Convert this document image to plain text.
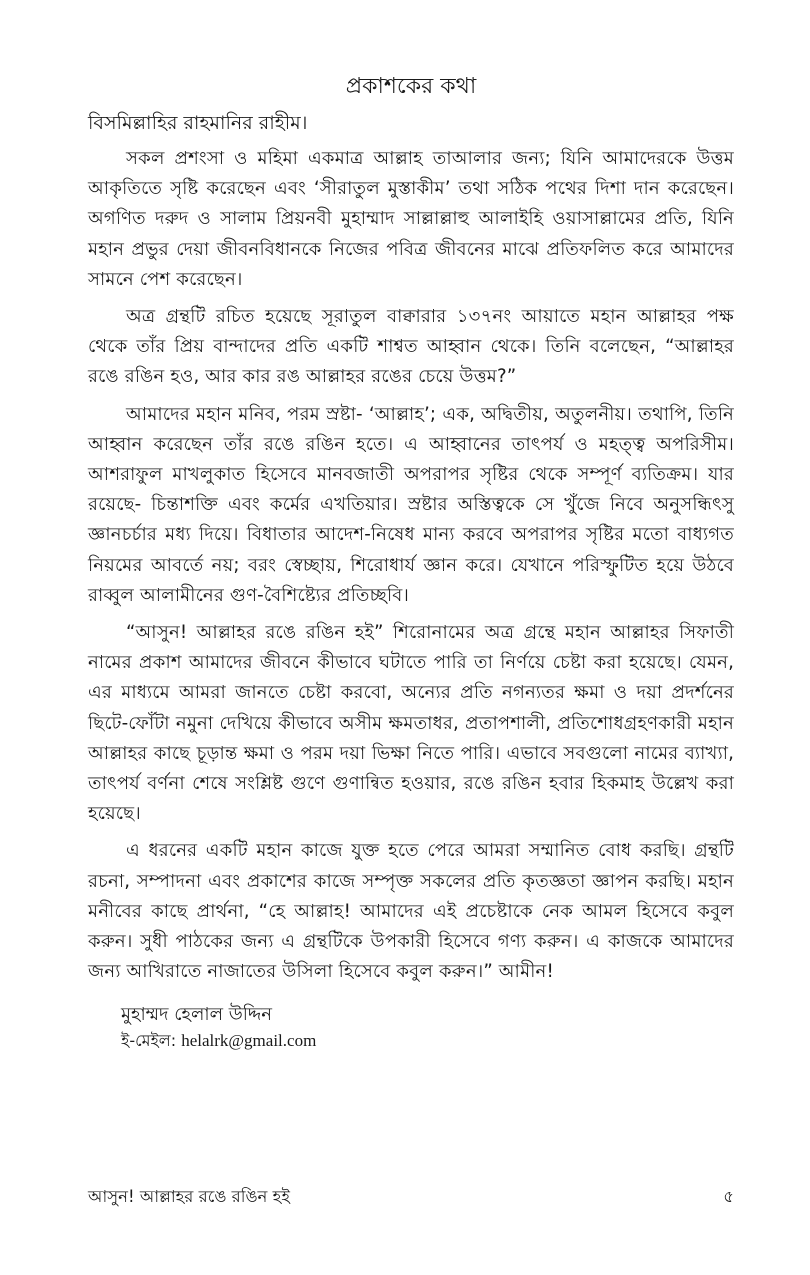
প্রকাশকের কথা

বিসমিল্লাহির রাহমানির রাহীম।

সকল প্রশংসা ও মহিমা একমাত্র আল্লাহ তাআলার জন্য; যিনি আমাদেরকে উত্তম আকৃতিতে সৃষ্টি করেছেন এবং ‘সীরাতুল মুস্তাকীম’ তথা সঠিক পথের দিশা দান করেছেন। অগণিত দরুদ ও সালাম প্রিয়নবী মুহাম্মাদ সাল্লাল্লাহু আলাইহি ওয়াসাল্লামের প্রতি, যিনি মহান প্রভুর দেয়া জীবনবিধানকে নিজের পবিত্র জীবনের মাঝে প্রতিফলিত করে আমাদের সামনে পেশ করেছেন।

অত্র গ্রন্থটি রচিত হয়েছে সূরাতুল বাক্বারার ১৩৭নং আয়াতে মহান আল্লাহর পক্ষ থেকে তাঁর প্রিয় বান্দাদের প্রতি একটি শাশ্বত আহ্বান থেকে। তিনি বলেছেন, “আল্লাহর রঙে রঙিন হও, আর কার রঙ আল্লাহর রঙের চেয়ে উত্তম?”

আমাদের মহান মনিব, পরম স্রষ্টা- ‘আল্লাহ’; এক, অদ্বিতীয়, অতুলনীয়। তথাপি, তিনি আহ্বান করেছেন তাঁর রঙে রঙিন হতে। এ আহ্বানের তাৎপর্য ও মহত্ত্ব অপরিসীম। আশরাফুল মাখলুকাত হিসেবে মানবজাতী অপরাপর সৃষ্টির থেকে সম্পূর্ণ ব্যতিক্রম। যার রয়েছে- চিন্তাশক্তি এবং কর্মের এখতিয়ার। স্রষ্টার অস্তিত্বকে সে খুঁজে নিবে অনুসন্ধিৎসু জ্ঞানচর্চার মধ্য দিয়ে। বিধাতার আদেশ-নিষেধ মান্য করবে অপরাপর সৃষ্টির মতো বাধ্যগত নিয়মের আবর্তে নয়; বরং স্বেচ্ছায়, শিরোধার্য জ্ঞান করে। যেখানে পরিস্ফুটিত হয়ে উঠবে রাব্বুল আলামীনের গুণ-বৈশিষ্ট্যের প্রতিচ্ছবি।

“আসুন! আল্লাহর রঙে রঙিন হই” শিরোনামের অত্র গ্রন্থে মহান আল্লাহর সিফাতী নামের প্রকাশ আমাদের জীবনে কীভাবে ঘটাতে পারি তা নির্ণয়ে চেষ্টা করা হয়েছে। যেমন, এর মাধ্যমে আমরা জানতে চেষ্টা করবো, অন্যের প্রতি নগন্যতর ক্ষমা ও দয়া প্রদর্শনের ছিটে-ফোঁটা নমুনা দেখিয়ে কীভাবে অসীম ক্ষমতাধর, প্রতাপশালী, প্রতিশোধগ্রহণকারী মহান আল্লাহর কাছে চূড়ান্ত ক্ষমা ও পরম দয়া ভিক্ষা নিতে পারি। এভাবে সবগুলো নামের ব্যাখ্যা, তাৎপর্য বর্ণনা শেষে সংশ্লিষ্ট গুণে গুণান্বিত হওয়ার, রঙে রঙিন হবার হিকমাহ উল্লেখ করা হয়েছে।

এ ধরনের একটি মহান কাজে যুক্ত হতে পেরে আমরা সম্মানিত বোধ করছি। গ্রন্থটি রচনা, সম্পাদনা এবং প্রকাশের কাজে সম্পৃক্ত সকলের প্রতি কৃতজ্ঞতা জ্ঞাপন করছি। মহান মনীবের কাছে প্রার্থনা, “হে আল্লাহ! আমাদের এই প্রচেষ্টাকে নেক আমল হিসেবে কবুল করুন। সুধী পাঠকের জন্য এ গ্রন্থটিকে উপকারী হিসেবে গণ্য করুন। এ কাজকে আমাদের জন্য আখিরাতে নাজাতের উসিলা হিসেবে কবুল করুন।” আমীন!

মুহাম্মদ হেলাল উদ্দিন
ই-মেইল: helalrk@gmail.com
আসুন! আল্লাহর রঙে রঙিন হই	৫
